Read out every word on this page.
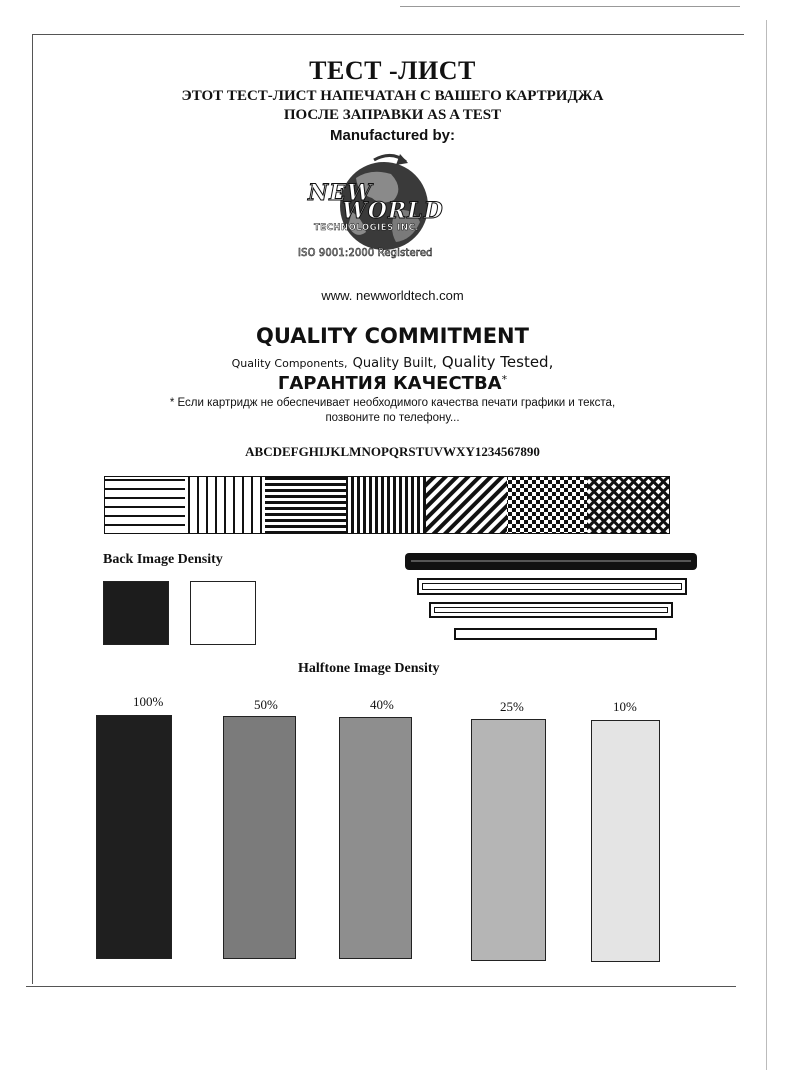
ТЕСТ -ЛИСТ
ЭТОТ ТЕСТ-ЛИСТ НАПЕЧАТАН С ВАШЕГО КАРТРИДЖА
ПОСЛЕ ЗАПРАВКИ AS A TEST
Manufactured by:
NEW
WORLD
TECHNOLOGIES INC.
ISO 9001:2000 Registered
www. newworldtech.com
QUALITY COMMITMENT
Quality Components, Quality Built, Quality Tested,
ГАРАНТИЯ КАЧЕСТВА*
* Если картридж не обеспечивает необходимого качества печати графики и текста,
позвоните по телефону...
ABCDEFGHIJKLMNOPQRSTUVWXY1234567890
Back Image Density
Halftone Image Density
100%	50%	40%	25%	10%
